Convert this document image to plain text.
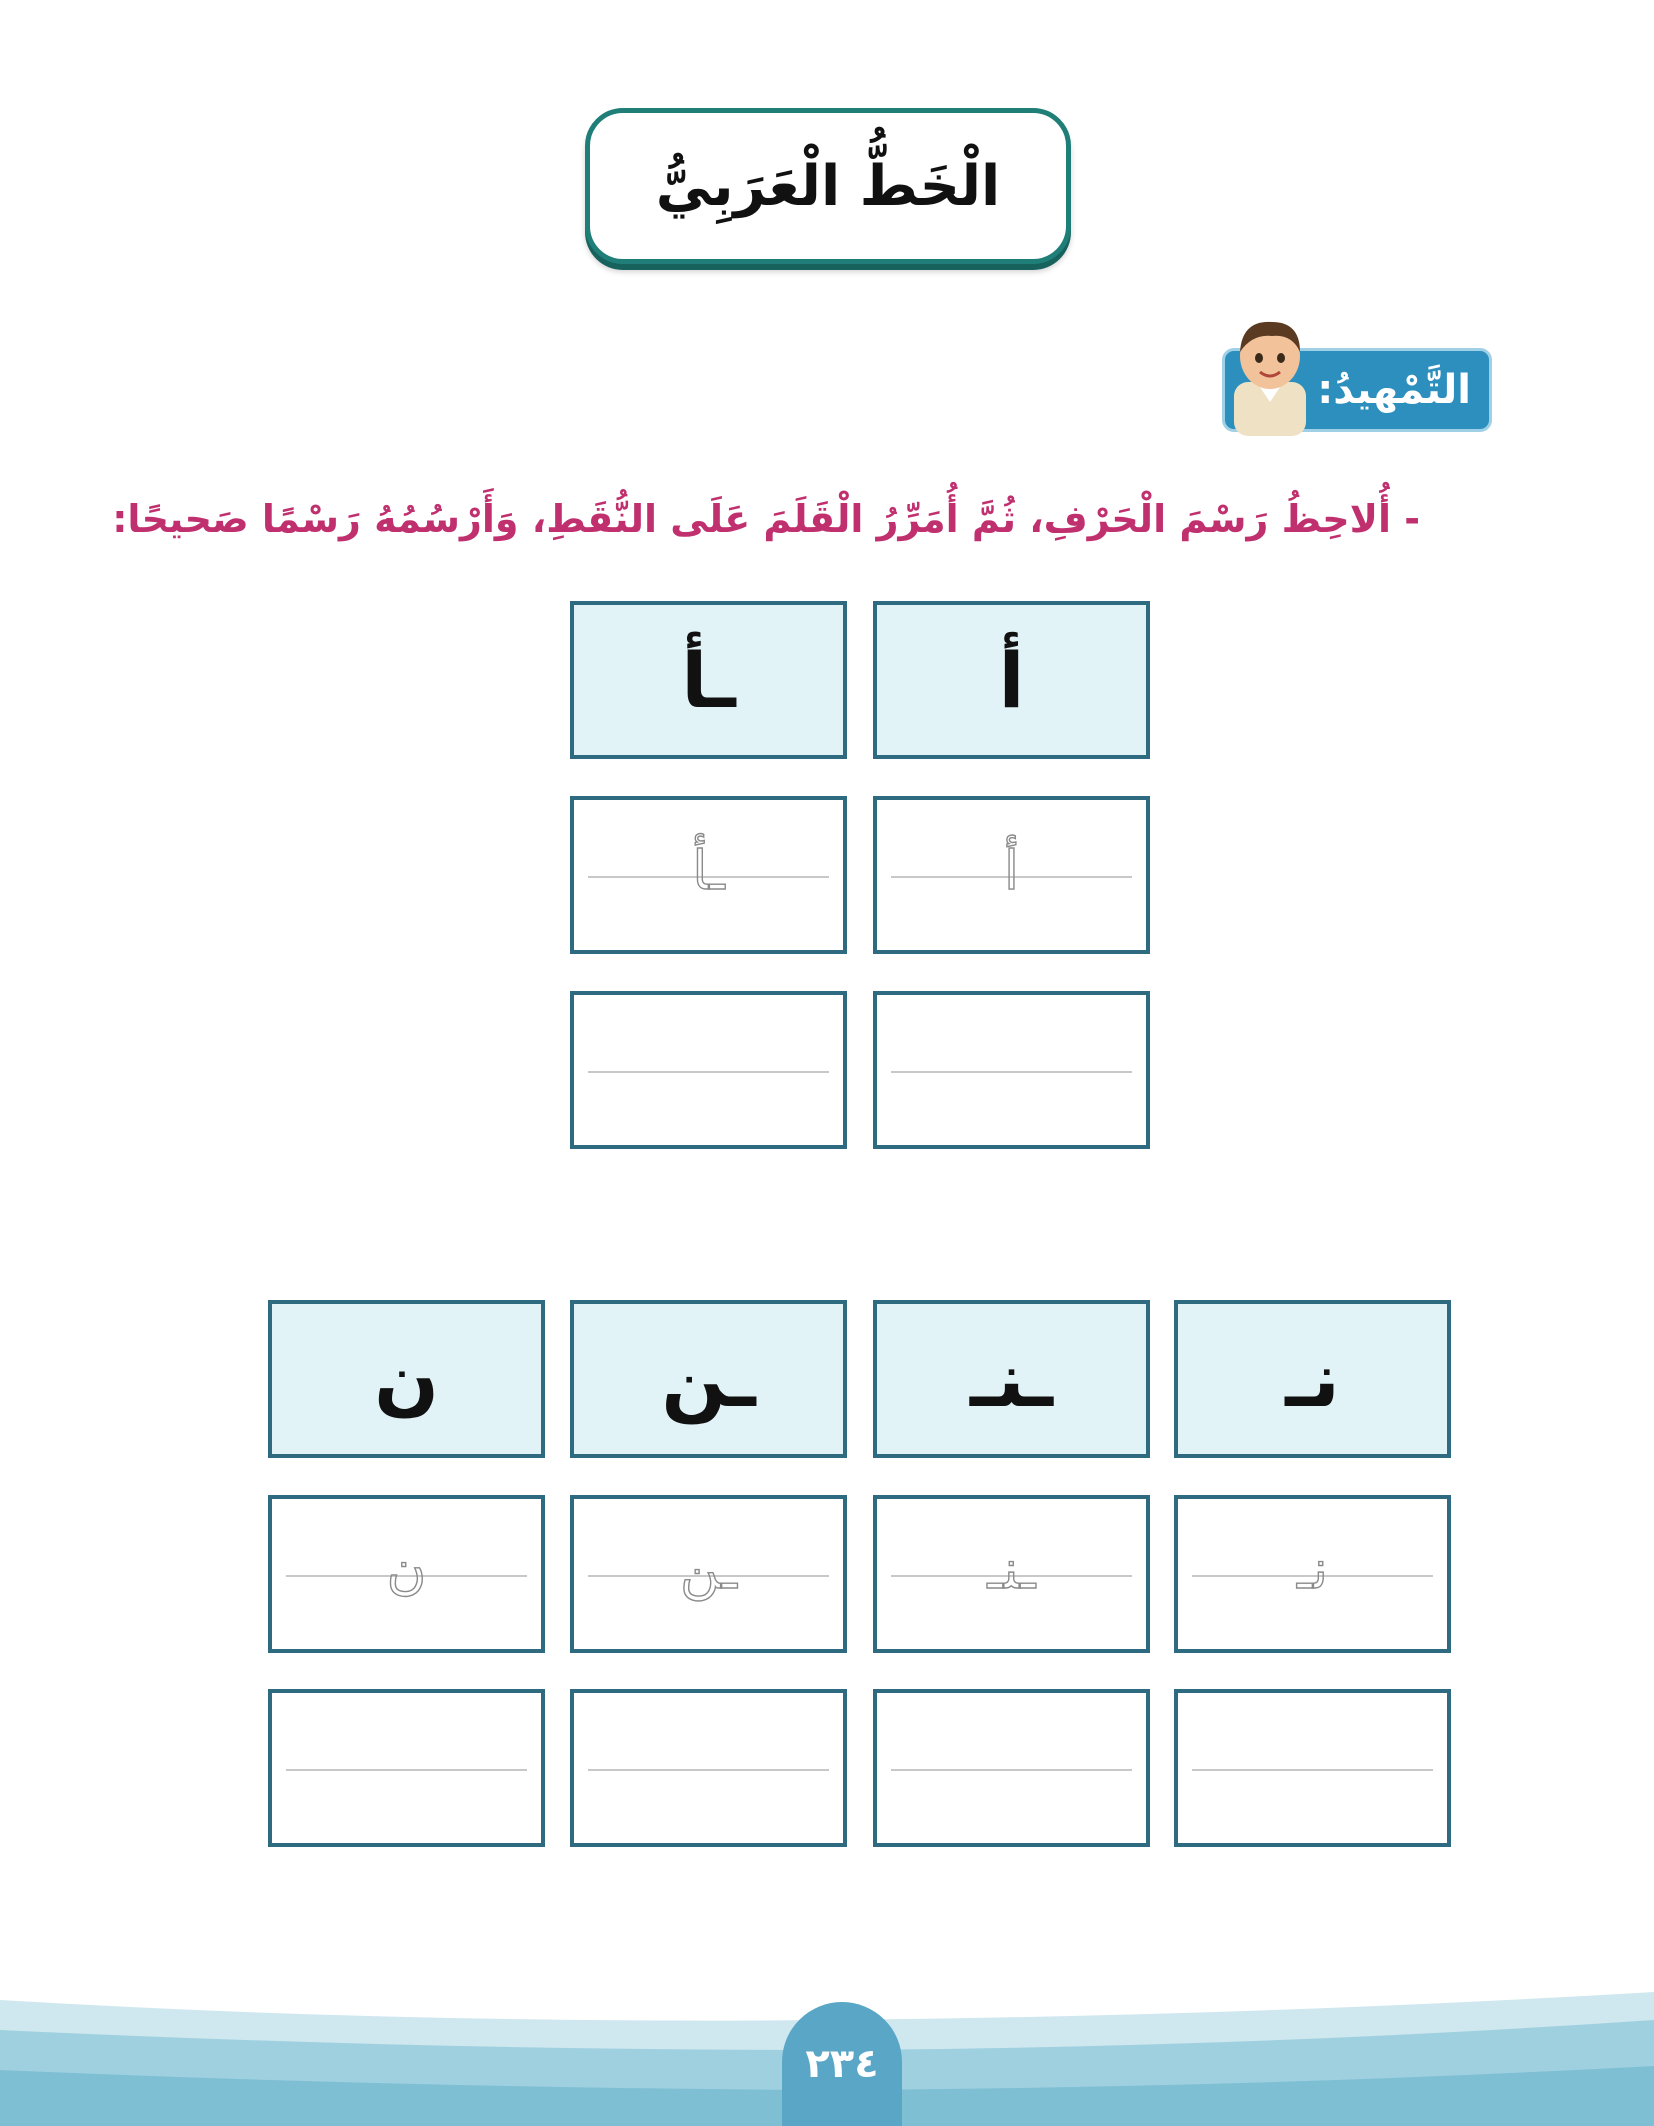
الْخَطُّ الْعَرَبِيُّ
التَّمْهيدُ:
- أُلاحِظُ رَسْمَ الْحَرْفِ، ثُمَّ أُمَرِّرُ الْقَلَمَ عَلَى النُّقَطِ، وَأَرْسُمُهُ رَسْمًا صَحيحًا:
أ
ـأ
أ
ـأ
نـ
ـنـ
ـن
ن
نـ
ـنـ
ـن
ن
٢٣٤
